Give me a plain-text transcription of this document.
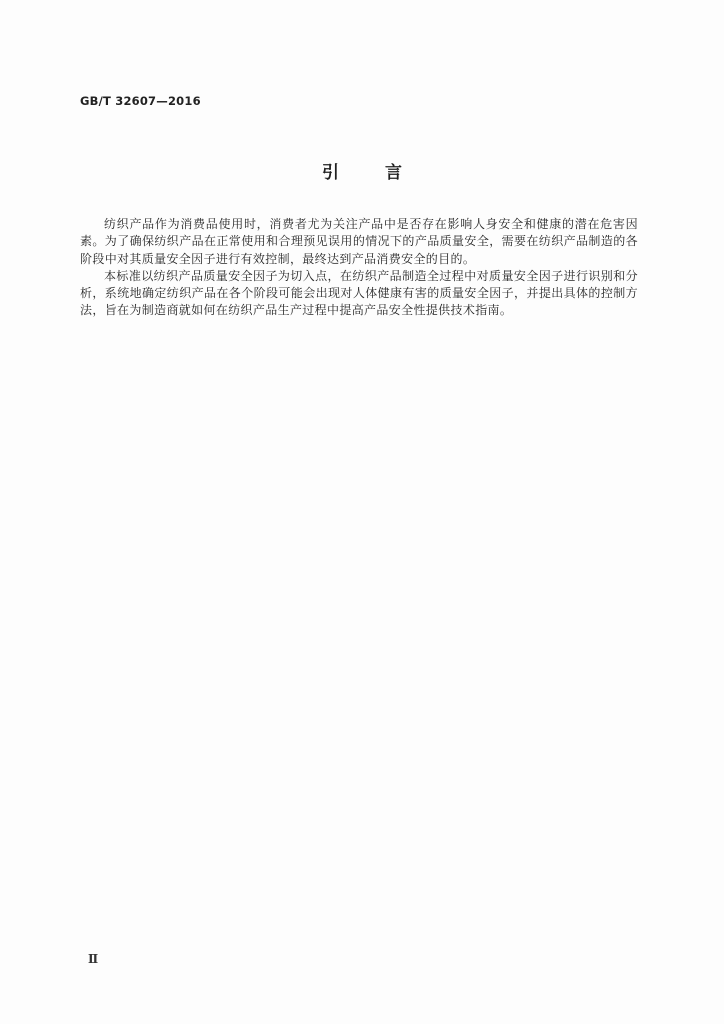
GB/T 32607—2016
引言

纺织产品作为消费品使用时，消费者尤为关注产品中是否存在影响人身安全和健康的潜在危害因素。为了确保纺织产品在正常使用和合理预见误用的情况下的产品质量安全，需要在纺织产品制造的各阶段中对其质量安全因子进行有效控制，最终达到产品消费安全的目的。

本标准以纺织产品质量安全因子为切入点，在纺织产品制造全过程中对质量安全因子进行识别和分析，系统地确定纺织产品在各个阶段可能会出现对人体健康有害的质量安全因子，并提出具体的控制方法，旨在为制造商就如何在纺织产品生产过程中提高产品安全性提供技术指南。

Ⅱ
